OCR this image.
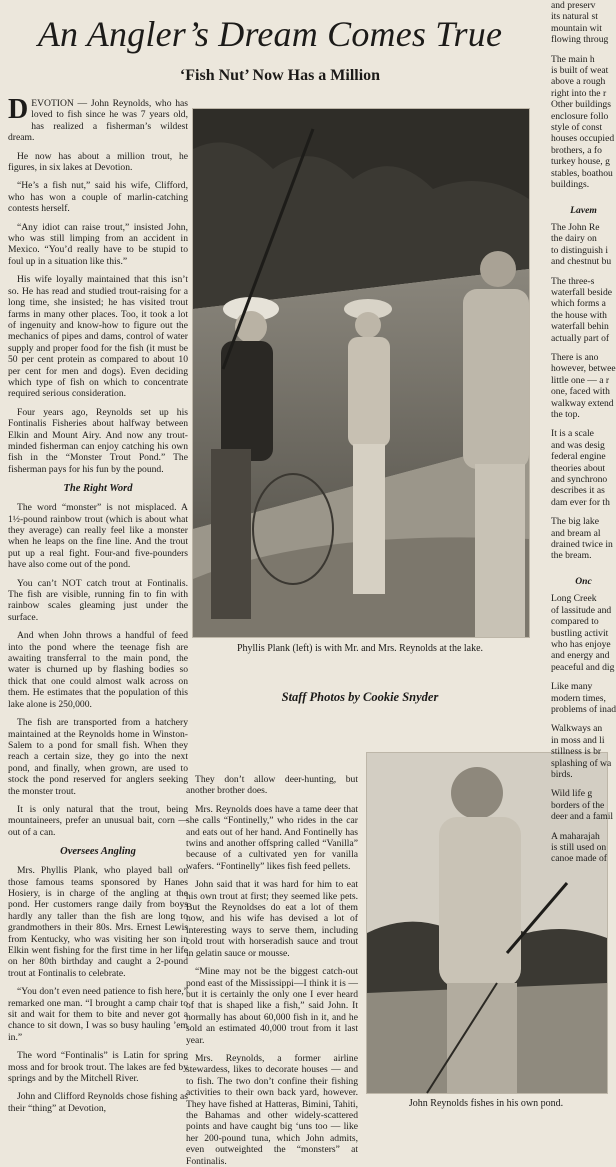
An Angler’s Dream Comes True
‘Fish Nut’ Now Has a Million

DEVOTION — John Reynolds, who has loved to fish since he was 7 years old, has realized a fisherman’s wildest dream.

He now has about a million trout, he figures, in six lakes at Devotion.

“He’s a fish nut,” said his wife, Clifford, who has won a couple of marlin-catching contests herself.

“Any idiot can raise trout,” insisted John, who was still limping from an accident in Mexico. “You’d really have to be stupid to foul up in a situation like this.”

His wife loyally maintained that this isn’t so. He has read and studied trout-raising for a long time, she insisted; he has visited trout farms in many other places. Too, it took a lot of ingenuity and know-how to figure out the mechanics of pipes and dams, control of water supply and proper food for the fish (it must be 50 per cent protein as compared to about 10 per cent for men and dogs). Even deciding which type of fish on which to concentrate required serious consideration.

Four years ago, Reynolds set up his Fontinalis Fisheries about halfway between Elkin and Mount Airy. And now any trout-minded fisherman can enjoy catching his own fish in the “Monster Trout Pond.” The fisherman pays for his fun by the pound.

The Right Word

The word “monster” is not misplaced. A 1½-pound rainbow trout (which is about what they average) can really feel like a monster when he leaps on the fine line. And the trout put up a real fight. Four-and five-pounders have also come out of the pond.

You can’t NOT catch trout at Fontinalis. The fish are visible, running fin to fin with rainbow scales gleaming just under the surface.

And when John throws a handful of feed into the pond where the teenage fish are awaiting transferral to the main pond, the water is churned up by flashing bodies so thick that one could almost walk across on them. He estimates that the population of this lake alone is 250,000.

The fish are transported from a hatchery maintained at the Reynolds home in Winston-Salem to a pond for small fish. When they reach a certain size, they go into the next pond, and finally, when grown, are used to stock the pond reserved for anglers seeking the monster trout.

It is only natural that the trout, being mountaineers, prefer an unusual bait, corn — out of a can.

Oversees Angling

Mrs. Phyllis Plank, who played ball on those famous teams sponsored by Hanes Hosiery, is in charge of the angling at the pond. Her customers range daily from boys hardly any taller than the fish are long to grandmothers in their 80s. Mrs. Ernest Lewis from Kentucky, who was visiting her son in Elkin went fishing for the first time in her life on her 80th birthday and caught a 2-pound trout at Fontinalis to celebrate.

“You don’t even need patience to fish here,” remarked one man. “I brought a camp chair to sit and wait for them to bite and never got a chance to sit down, I was so busy hauling ’em in.”

The word “Fontinalis” is Latin for spring moss and for brook trout. The lakes are fed by springs and by the Mitchell River.

John and Clifford Reynolds chose fishing as their “thing” at Devotion,

Phyllis Plank (left) is with Mr. and Mrs. Reynolds at the lake.

Staff Photos by Cookie Snyder

They don’t allow deer-hunting, but another brother does.

Mrs. Reynolds does have a tame deer that she calls “Fontinelly,” who rides in the car and eats out of her hand. And Fontinelly has twins and another offspring called “Vanilla” because of a cultivated yen for vanilla wafers. “Fontinelly” likes fish feed pellets.

John said that it was hard for him to eat his own trout at first; they seemed like pets. But the Reynoldses do eat a lot of them now, and his wife has devised a lot of interesting ways to serve them, including cold trout with horseradish sauce and trout in gelatin sauce or mousse.

“Mine may not be the biggest catch-out pond east of the Mississippi—I think it is — but it is certainly the only one I ever heard of that is shaped like a fish,” said John. It normally has about 60,000 fish in it, and he sold an estimated 40,000 trout from it last year.

Mrs. Reynolds, a former airline stewardess, likes to decorate houses — and to fish. The two don’t confine their fishing activities to their own back yard, however. They have fished at Hatteras, Bimini, Tahiti, the Bahamas and other widely-scattered points and have caught big ‘uns too — like her 200-pound tuna, which John admits, even outweighted the “monsters” at Fontinalis.

John Reynolds fishes in his own pond.

and preserv
its natural st
mountain wit
flowing throug
The main h
is built of weat
above a rough
right into the r
Other buildings
enclosure follo
style of const
houses occupied
brothers, a fo
turkey house, g
stables, boathou
buildings.
Lavem
The John Re
the dairy on
to distinguish i
and chestnut bu
The three-s
waterfall beside
which forms a
the house with
waterfall behin
actually part of
There is ano
however, betwee
little one — a r
one, faced with
walkway extend
the top.
It is a scale
and was desig
federal engine
theories about
and synchrono
describes it as
dam ever for th
The big lake
and bream al
drained twice in
the bream.
Onc
Long Creek
of lassitude and
compared to
bustling activit
who has enjoye
and energy and
peaceful and dig
Like many
modern times,
problems of inad
Walkways an
in moss and li
stillness is br
splashing of wa
birds.
Wild life g
borders of the
deer and a famil
A maharajah
is still used on
canoe made of
